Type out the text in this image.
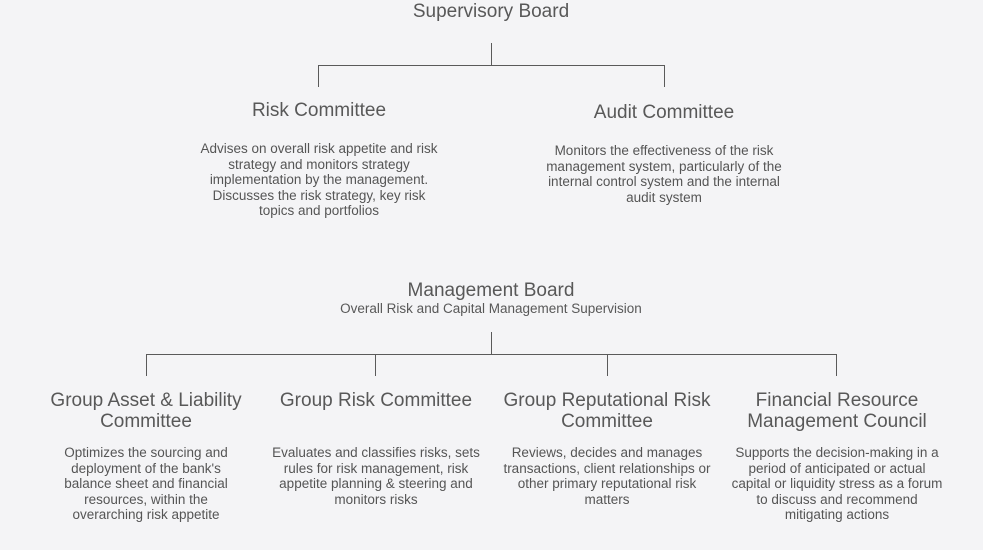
Supervisory Board
Risk Committee
Advises on overall risk appetite and risk strategy and monitors strategy implementation by the management. Discusses the risk strategy, key risk topics and portfolios
Audit Committee
Monitors the effectiveness of the risk management system, particularly of the internal control system and the internal audit system
Management Board
Overall Risk and Capital Management Supervision
Group Asset & Liability Committee
Optimizes the sourcing and deployment of the bank's balance sheet and financial resources, within the overarching risk appetite
Group Risk Committee
Evaluates and classifies risks, sets rules for risk management, risk appetite planning & steering and monitors risks
Group Reputational Risk Committee
Reviews, decides and manages transactions, client relationships or other primary reputational risk matters
Financial Resource Management Council
Supports the decision-making in a period of anticipated or actual capital or liquidity stress as a forum to discuss and recommend mitigating actions
